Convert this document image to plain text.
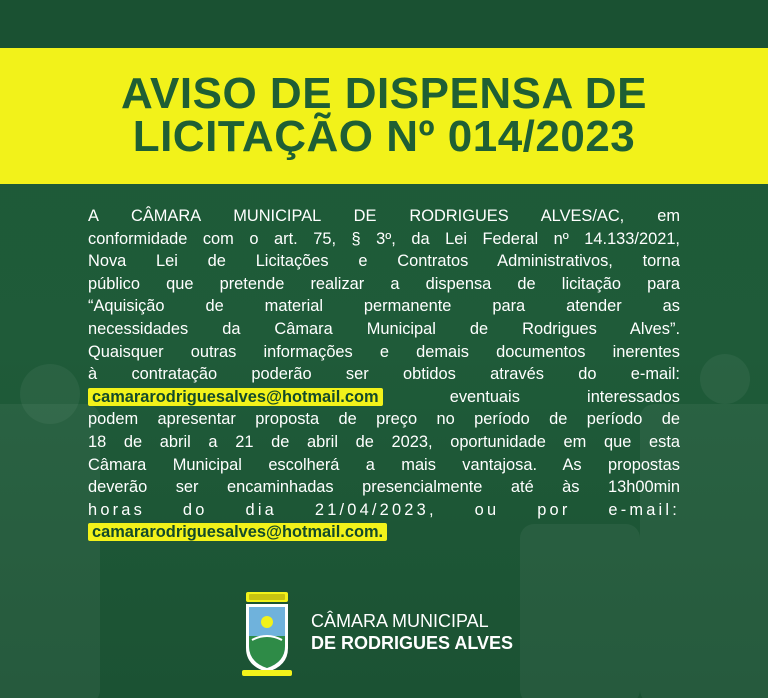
AVISO DE DISPENSA DE
LICITAÇÃO Nº 014/2023
A CÂMARA MUNICIPAL DE RODRIGUES ALVES/AC, em
conformidade com o art. 75, § 3º, da Lei Federal nº 14.133/2021,
Nova Lei de Licitações e Contratos Administrativos, torna
público que pretende realizar a dispensa de licitação para
“Aquisição de material permanente para atender as
necessidades da Câmara Municipal de Rodrigues Alves”.
Quaisquer outras informações e demais documentos inerentes
à contratação poderão ser obtidos através do e-mail:
camararodriguesalves@hotmail.com	eventuais interessados
podem apresentar proposta de preço no período de período de
18 de abril a 21 de abril de 2023, oportunidade em que esta
Câmara Municipal escolherá a mais vantajosa. As propostas
deverão ser encaminhadas presencialmente até às 13h00min
horas do dia 21/04/2023, ou por e-mail:
camararodriguesalves@hotmail.com.
CÂMARA MUNICIPAL
DE RODRIGUES ALVES
